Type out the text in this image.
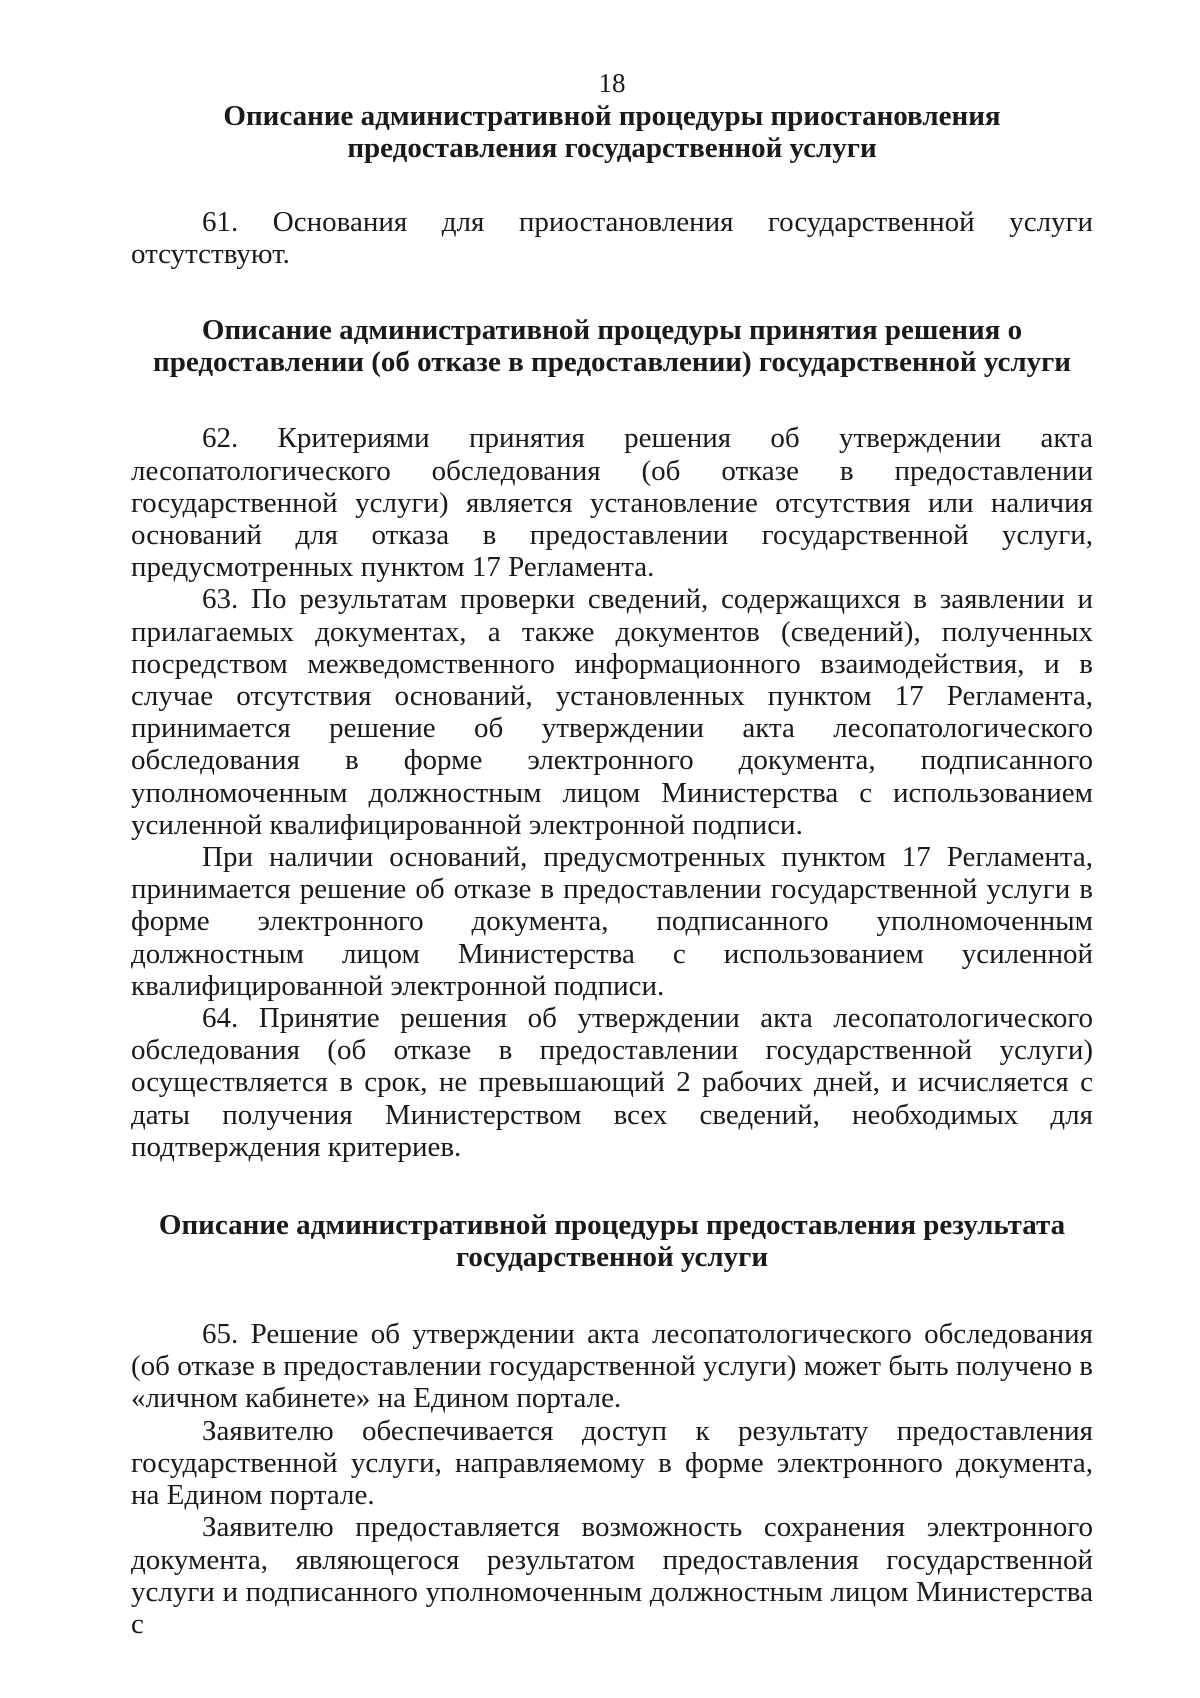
18
Описание административной процедуры приостановления предоставления государственной услуги

61. Основания для приостановления государственной услуги отсутствуют.

Описание административной процедуры принятия решения о предоставлении (об отказе в предоставлении) государственной услуги

62. Критериями принятия решения об утверждении акта лесопатологического обследования (об отказе в предоставлении государственной услуги) является установление отсутствия или наличия оснований для отказа в предоставлении государственной услуги, предусмотренных пунктом 17 Регламента.

63. По результатам проверки сведений, содержащихся в заявлении и прилагаемых документах, а также документов (сведений), полученных посредством межведомственного информационного взаимодействия, и в случае отсутствия оснований, установленных пунктом 17 Регламента, принимается решение об утверждении акта лесопатологического обследования в форме электронного документа, подписанного уполномоченным должностным лицом Министерства с использованием усиленной квалифицированной электронной подписи.

При наличии оснований, предусмотренных пунктом 17 Регламента, принимается решение об отказе в предоставлении государственной услуги в форме электронного документа, подписанного уполномоченным должностным лицом Министерства с использованием усиленной квалифицированной электронной подписи.

64. Принятие решения об утверждении акта лесопатологического обследования (об отказе в предоставлении государственной услуги) осуществляется в срок, не превышающий 2 рабочих дней, и исчисляется с даты получения Министерством всех сведений, необходимых для подтверждения критериев.

Описание административной процедуры предоставления результата государственной услуги

65. Решение об утверждении акта лесопатологического обследования (об отказе в предоставлении государственной услуги) может быть получено в «личном кабинете» на Едином портале.

Заявителю обеспечивается доступ к результату предоставления государственной услуги, направляемому в форме электронного документа, на Едином портале.

Заявителю предоставляется возможность сохранения электронного документа, являющегося результатом предоставления государственной услуги и подписанного уполномоченным должностным лицом Министерства с
